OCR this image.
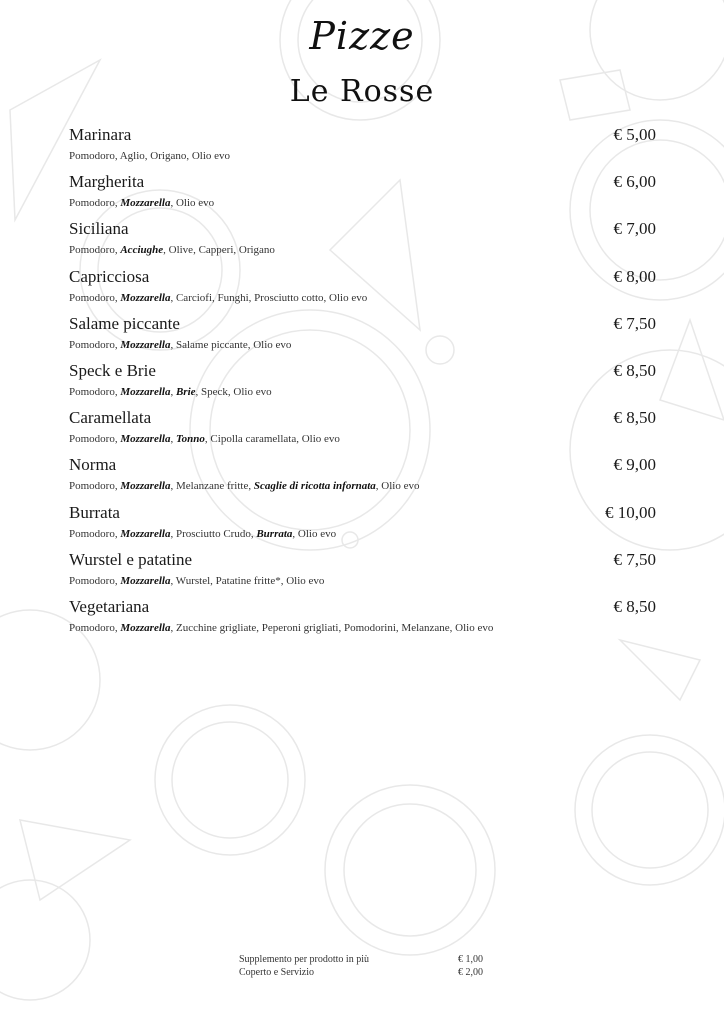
Pizze
Le Rosse
Marinara	€ 5,00
Pomodoro, Aglio, Origano, Olio evo
Margherita	€ 6,00
Pomodoro, Mozzarella, Olio evo
Siciliana	€ 7,00
Pomodoro, Acciughe, Olive, Capperi, Origano
Capricciosa	€ 8,00
Pomodoro, Mozzarella, Carciofi, Funghi, Prosciutto cotto, Olio evo
Salame piccante	€ 7,50
Pomodoro, Mozzarella, Salame piccante, Olio evo
Speck e Brie	€ 8,50
Pomodoro, Mozzarella, Brie, Speck, Olio evo
Caramellata	€ 8,50
Pomodoro, Mozzarella, Tonno, Cipolla caramellata, Olio evo
Norma	€ 9,00
Pomodoro, Mozzarella, Melanzane fritte, Scaglie di ricotta infornata, Olio evo
Burrata	€ 10,00
Pomodoro, Mozzarella, Prosciutto Crudo, Burrata, Olio evo
Wurstel e patatine	€ 7,50
Pomodoro, Mozzarella, Wurstel, Patatine fritte*, Olio evo
Vegetariana	€ 8,50
Pomodoro, Mozzarella, Zucchine grigliate, Peperoni grigliati, Pomodorini, Melanzane, Olio evo
Supplemento per prodotto in più	€ 1,00
Coperto e Servizio	€ 2,00
